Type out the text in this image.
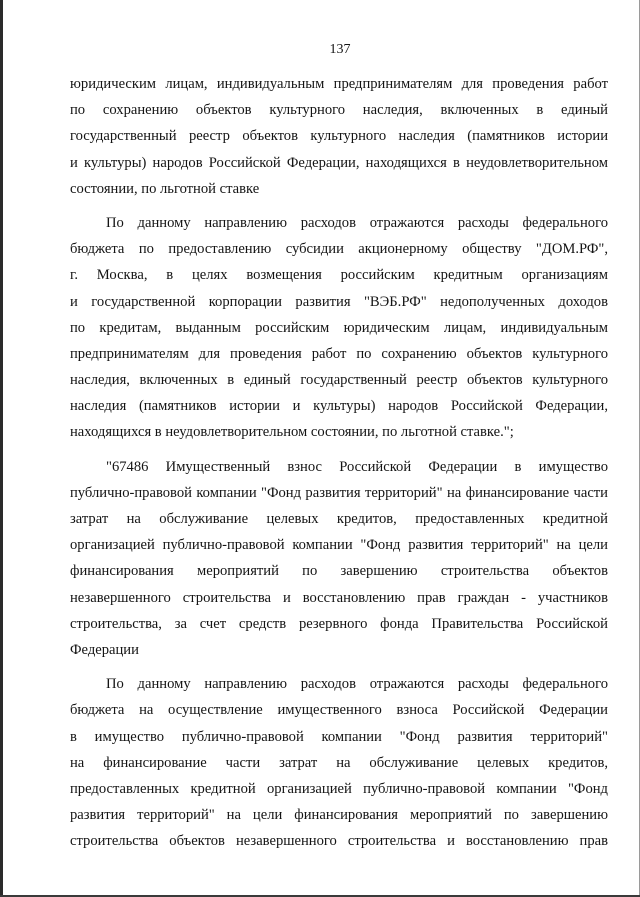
137
юридическим лицам, индивидуальным предпринимателям для проведения работ
по сохранению объектов культурного наследия, включенных в единый
государственный реестр объектов культурного наследия (памятников истории
и культуры) народов Российской Федерации, находящихся в неудовлетворительном
состоянии, по льготной ставке
По данному направлению расходов отражаются расходы федерального
бюджета по предоставлению субсидии акционерному обществу "ДОМ.РФ",
г. Москва, в целях возмещения российским кредитным организациям
и государственной корпорации развития "ВЭБ.РФ" недополученных доходов
по кредитам, выданным российским юридическим лицам, индивидуальным
предпринимателям для проведения работ по сохранению объектов культурного
наследия, включенных в единый государственный реестр объектов культурного
наследия (памятников истории и культуры) народов Российской Федерации,
находящихся в неудовлетворительном состоянии, по льготной ставке.";
"67486 Имущественный взнос Российской Федерации в имущество
публично-правовой компании "Фонд развития территорий" на финансирование части
затрат на обслуживание целевых кредитов, предоставленных кредитной
организацией публично-правовой компании "Фонд развития территорий" на цели
финансирования мероприятий по завершению строительства объектов
незавершенного строительства и восстановлению прав граждан - участников
строительства, за счет средств резервного фонда Правительства Российской
Федерации
По данному направлению расходов отражаются расходы федерального
бюджета на осуществление имущественного взноса Российской Федерации
в имущество публично-правовой компании "Фонд развития территорий"
на финансирование части затрат на обслуживание целевых кредитов,
предоставленных кредитной организацией публично-правовой компании "Фонд
развития территорий" на цели финансирования мероприятий по завершению
строительства объектов незавершенного строительства и восстановлению прав
